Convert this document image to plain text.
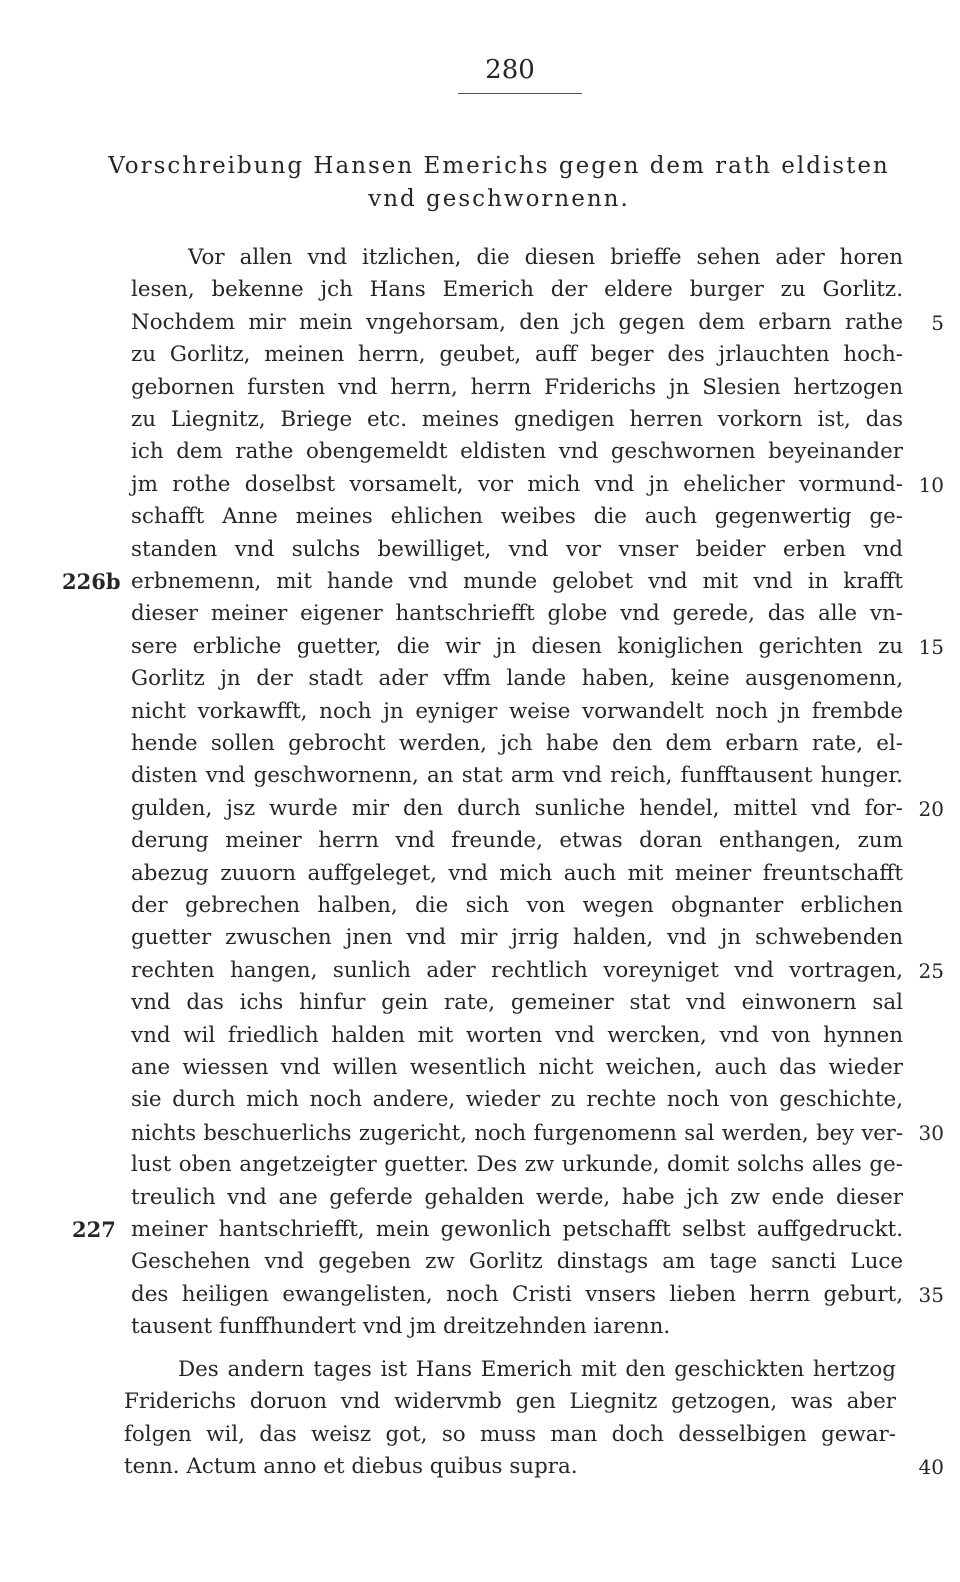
280
Vorschreibung Hansen Emerichs gegen dem rath eldisten
vnd geschwornenn.
Vor allen vnd itzlichen, die diesen brieffe sehen ader horen
lesen, bekenne jch Hans Emerich der eldere burger zu Gorlitz.
Nochdem mir mein vngehorsam, den jch gegen dem erbarn rathe
zu Gorlitz, meinen herrn, geubet, auff beger des jrlauchten hoch-
gebornen fursten vnd herrn, herrn Friderichs jn Slesien hertzogen
zu Liegnitz, Briege etc. meines gnedigen herren vorkorn ist, das
ich dem rathe obengemeldt eldisten vnd geschwornen beyeinander
jm rothe doselbst vorsamelt, vor mich vnd jn ehelicher vormund-
schafft Anne meines ehlichen weibes die auch gegenwertig ge-
standen vnd sulchs bewilliget, vnd vor vnser beider erben vnd
erbnemenn, mit hande vnd munde gelobet vnd mit vnd in krafft
dieser meiner eigener hantschriefft globe vnd gerede, das alle vn-
sere erbliche guetter, die wir jn diesen koniglichen gerichten zu
Gorlitz jn der stadt ader vffm lande haben, keine ausgenomenn,
nicht vorkawfft, noch jn eyniger weise vorwandelt noch jn frembde
hende sollen gebrocht werden, jch habe den dem erbarn rate, el-
disten vnd geschwornenn, an stat arm vnd reich, funfftausent hunger.
gulden, jsz wurde mir den durch sunliche hendel, mittel vnd for-
derung meiner herrn vnd freunde, etwas doran enthangen, zum
abezug zuuorn auffgeleget, vnd mich auch mit meiner freuntschafft
der gebrechen halben, die sich von wegen obgnanter erblichen
guetter zwuschen jnen vnd mir jrrig halden, vnd jn schwebenden
rechten hangen, sunlich ader rechtlich voreyniget vnd vortragen,
vnd das ichs hinfur gein rate, gemeiner stat vnd einwonern sal
vnd wil friedlich halden mit worten vnd wercken, vnd von hynnen
ane wiessen vnd willen wesentlich nicht weichen, auch das wieder
sie durch mich noch andere, wieder zu rechte noch von geschichte,
nichts beschuerlichs zugericht, noch furgenomenn sal werden, bey ver-
lust oben angetzeigter guetter. Des zw urkunde, domit solchs alles ge-
treulich vnd ane geferde gehalden werde, habe jch zw ende dieser
meiner hantschriefft, mein gewonlich petschafft selbst auffgedruckt.
Geschehen vnd gegeben zw Gorlitz dinstags am tage sancti Luce
des heiligen ewangelisten, noch Cristi vnsers lieben herrn geburt,
tausent funffhundert vnd jm dreitzehnden iarenn.
Des andern tages ist Hans Emerich mit den geschickten hertzog
Friderichs doruon vnd widervmb gen Liegnitz getzogen, was aber
folgen wil, das weisz got, so muss man doch desselbigen gewar-
tenn. Actum anno et diebus quibus supra.
5
10
15
20
25
30
35
40
226b
227
